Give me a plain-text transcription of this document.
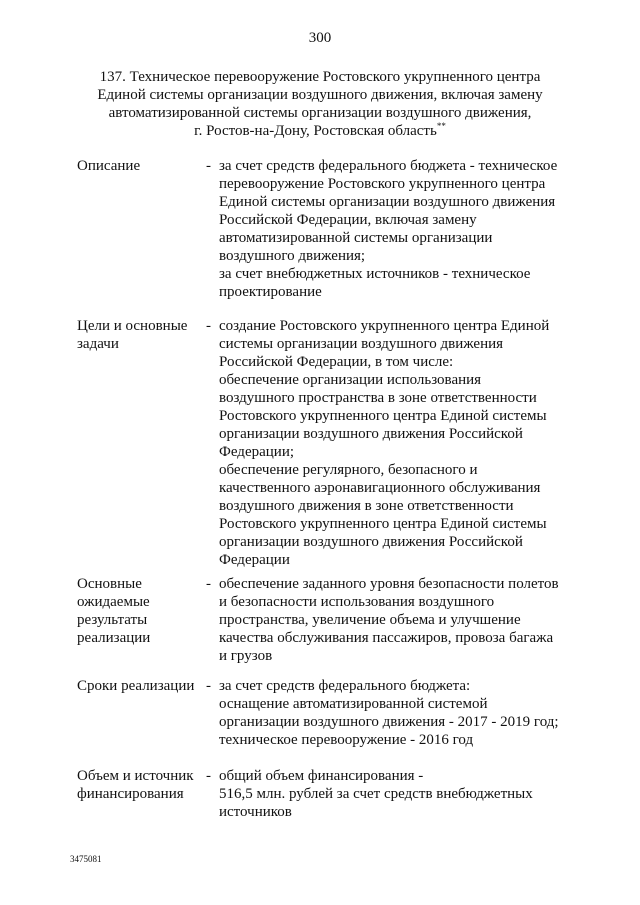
300
137. Техническое перевооружение Ростовского укрупненного центра
Единой системы организации воздушного движения, включая замену
автоматизированной системы организации воздушного движения,
г. Ростов-на-Дону, Ростовская область**
Описание	- за счет средств федерального бюджета - техническое
перевооружение Ростовского укрупненного центра
Единой системы организации воздушного движения
Российской Федерации, включая замену
автоматизированной системы организации
воздушного движения;
за счет внебюджетных источников - техническое
проектирование
Цели и основные
задачи
- создание Ростовского укрупненного центра Единой
системы организации воздушного движения
Российской Федерации, в том числе:
обеспечение организации использования
воздушного пространства в зоне ответственности
Ростовского укрупненного центра Единой системы
организации воздушного движения Российской
Федерации;
обеспечение регулярного, безопасного и
качественного аэронавигационного обслуживания
воздушного движения в зоне ответственности
Ростовского укрупненного центра Единой системы
организации воздушного движения Российской
Федерации
Основные
ожидаемые
результаты
реализации
- обеспечение заданного уровня безопасности полетов
и безопасности использования воздушного
пространства, увеличение объема и улучшение
качества обслуживания пассажиров, провоза багажа
и грузов
Сроки реализации - за счет средств федерального бюджета:
оснащение автоматизированной системой
организации воздушного движения - 2017 - 2019 год;
техническое перевооружение - 2016 год
Объем и источник
финансирования
- общий объем финансирования -
516,5 млн. рублей за счет средств внебюджетных
источников
3475081
